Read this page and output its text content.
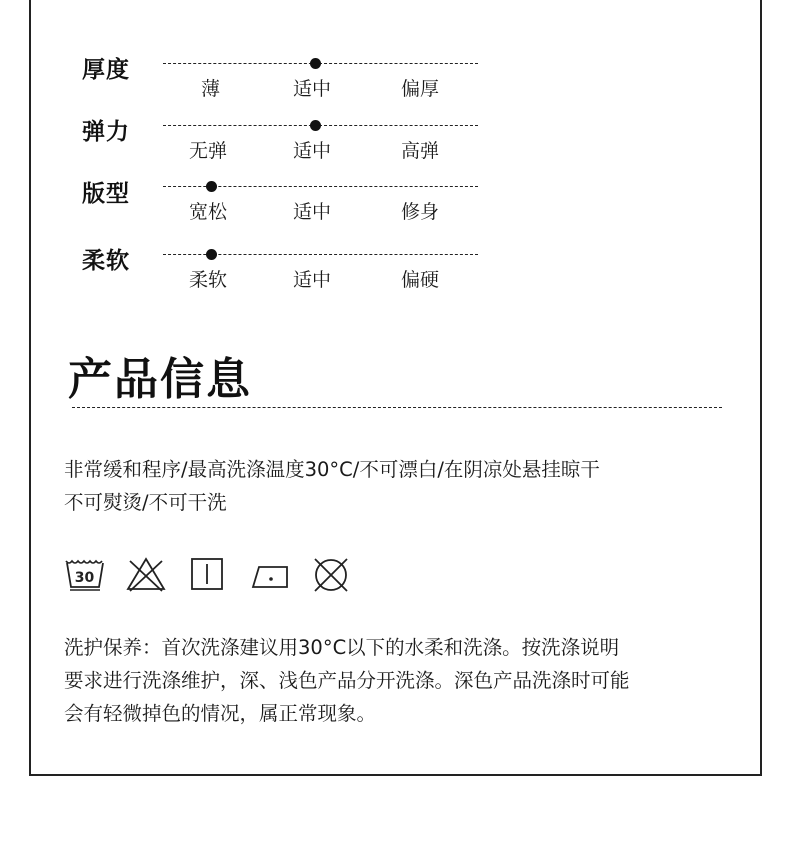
厚度
薄	适中	偏厚
弹力
无弹	适中	高弹
版型
宽松	适中	修身
柔软
柔软	适中	偏硬
产品信息

非常缓和程序/最高洗涤温度30°C/不可漂白/在阴凉处悬挂晾干
不可熨烫/不可干洗

30

洗护保养：首次洗涤建议用30°C以下的水柔和洗涤。按洗涤说明
要求进行洗涤维护，深、浅色产品分开洗涤。深色产品洗涤时可能
会有轻微掉色的情况，属正常现象。
